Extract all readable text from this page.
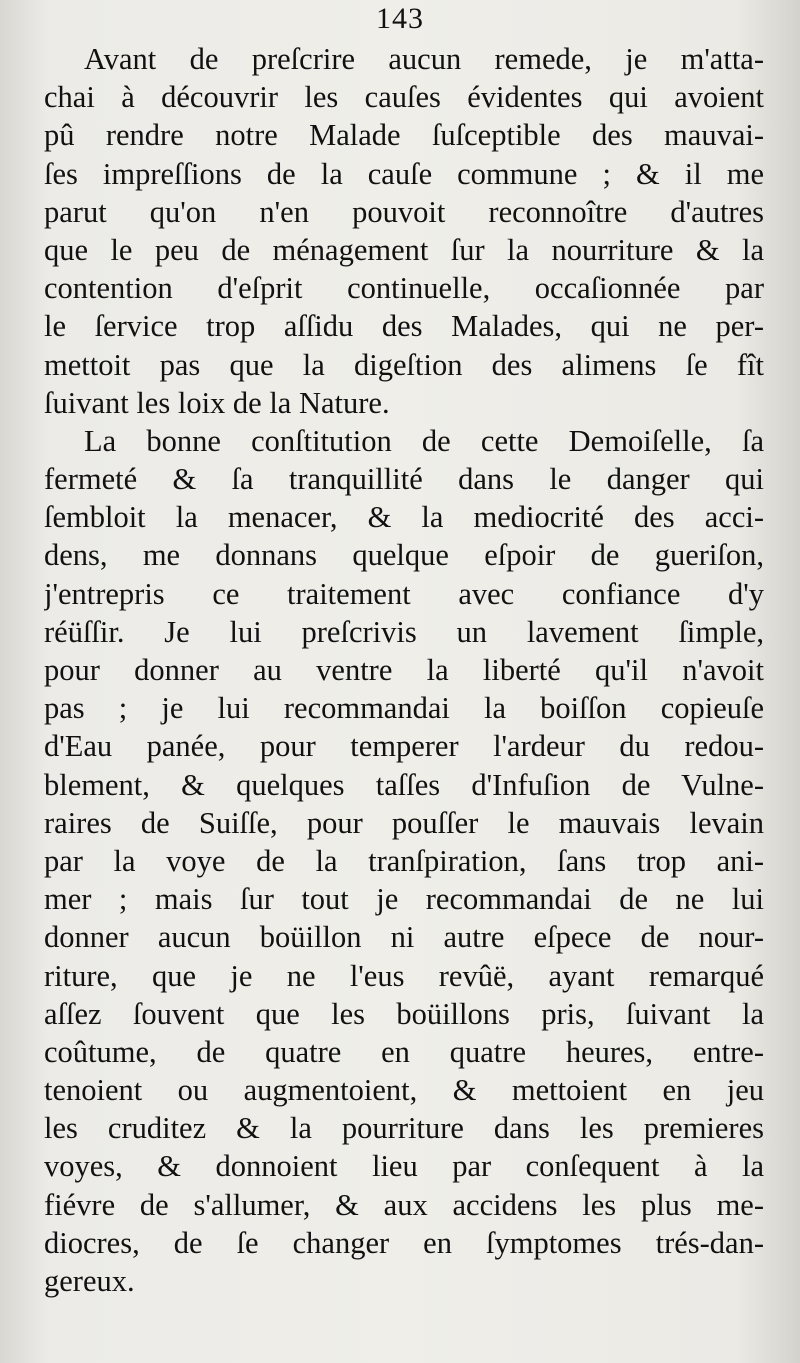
143
Avant de preſcrire aucun remede, je m'atta-
chai à découvrir les cauſes évidentes qui avoient
pû rendre notre Malade ſuſceptible des mauvai-
ſes impreſſions de la cauſe commune ; & il me
parut qu'on n'en pouvoit reconnoître d'autres
que le peu de ménagement ſur la nourriture & la
contention d'eſprit continuelle, occaſionnée par
le ſervice trop aſſidu des Malades, qui ne per-
mettoit pas que la digeſtion des alimens ſe fît
ſuivant les loix de la Nature.
La bonne conſtitution de cette Demoiſelle, ſa
fermeté & ſa tranquillité dans le danger qui
ſembloit la menacer, & la mediocrité des acci-
dens, me donnans quelque eſpoir de gueriſon,
j'entrepris ce traitement avec confiance d'y
réüſſir. Je lui preſcrivis un lavement ſimple,
pour donner au ventre la liberté qu'il n'avoit
pas ; je lui recommandai la boiſſon copieuſe
d'Eau panée, pour temperer l'ardeur du redou-
blement, & quelques taſſes d'Infuſion de Vulne-
raires de Suiſſe, pour pouſſer le mauvais levain
par la voye de la tranſpiration, ſans trop ani-
mer ; mais ſur tout je recommandai de ne lui
donner aucun boüillon ni autre eſpece de nour-
riture, que je ne l'eus revûë, ayant remarqué
aſſez ſouvent que les boüillons pris, ſuivant la
coûtume, de quatre en quatre heures, entre-
tenoient ou augmentoient, & mettoient en jeu
les cruditez & la pourriture dans les premieres
voyes, & donnoient lieu par conſequent à la
fiévre de s'allumer, & aux accidens les plus me-
diocres, de ſe changer en ſymptomes trés-dan-
gereux.
